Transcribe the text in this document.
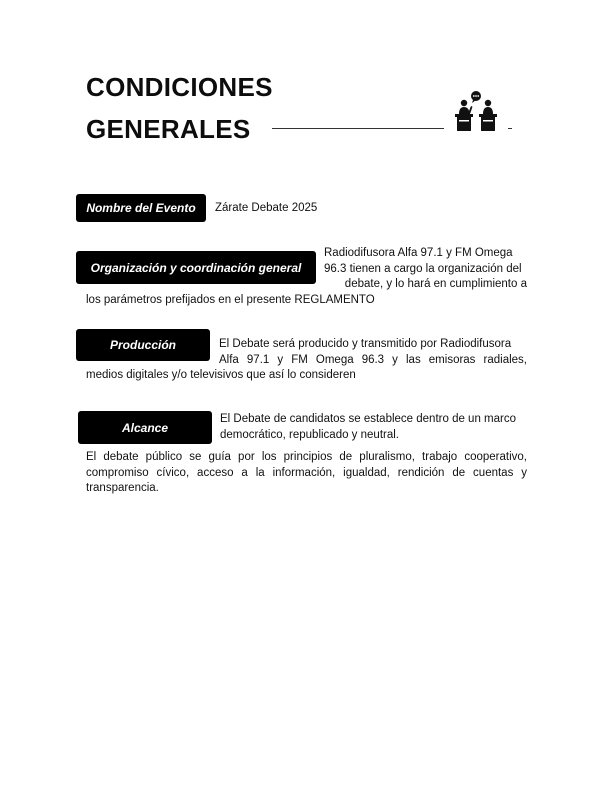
CONDICIONES
GENERALES
Nombre del Evento	Zárate Debate 2025
Organización y coordinación general
Radiodifusora Alfa 97.1 y FM Omega
96.3 tienen a cargo la organización del
debate, y lo hará en cumplimiento a
los parámetros prefijados en el presente REGLAMENTO
Producción	El Debate será producido y transmitido por Radiodifusora
Alfa 97.1 y FM Omega 96.3 y las emisoras radiales,
medios digitales y/o televisivos que así lo consideren
Alcance
El Debate de candidatos se establece dentro de un marco
democrático, republicado y neutral.
El debate público se guía por los principios de pluralismo, trabajo cooperativo, compromiso cívico, acceso a la información, igualdad, rendición de cuentas y transparencia.
